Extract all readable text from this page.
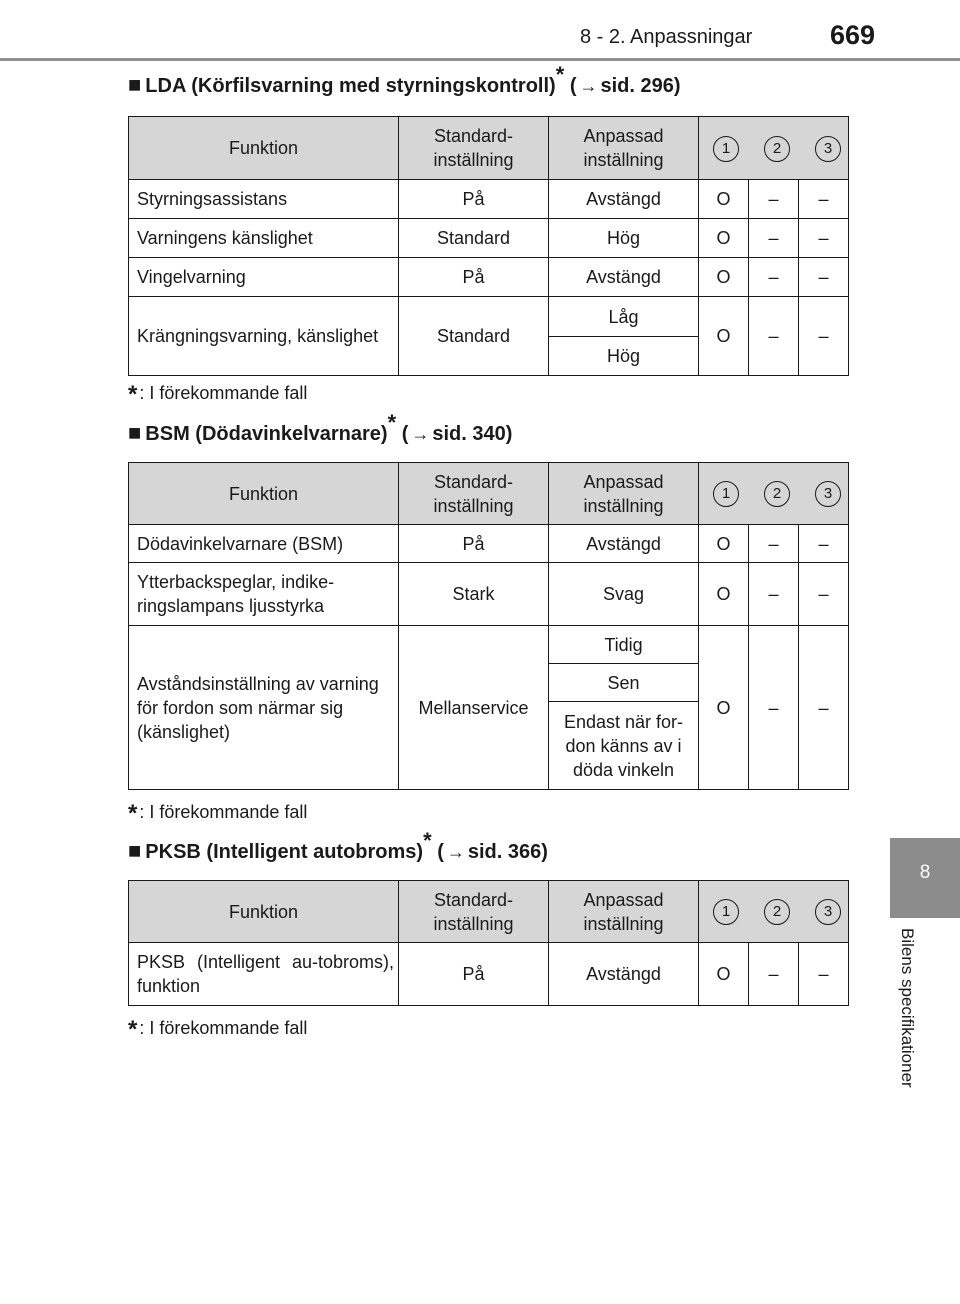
8 - 2. Anpassningar	669
8
Bilens specifikationer
■ LDA (Körfilsvarning med styrningskontroll)* ( → sid. 296)
Funktion	Standard-inställning	Anpassad inställning	1 2 3		
Styrningsassistans	På	Avstängd	O	–	–
Varningens känslighet	Standard	Hög	O	–	–
Vingelvarning	På	Avstängd	O	–	–
Krängningsvarning, känslighet	Standard	Låg	O	–	–
		Hög			
* : I förekommande fall
■ BSM (Dödavinkelvarnare)* ( → sid. 340)
Funktion	Standard-inställning	Anpassad inställning	1 2 3		
Dödavinkelvarnare (BSM)	På	Avstängd	O	–	–
Ytterbackspeglar, indike-ringslampans ljusstyrka	Stark	Svag	O	–	–
Avståndsinställning av varning för fordon som närmar sig (känslighet)	Mellanservice	Tidig	O	–	–
		Sen			
		Endast när for-don känns av i döda vinkeln			
* : I förekommande fall
■ PKSB (Intelligent autobroms)* ( → sid. 366)
Funktion	Standard-inställning	Anpassad inställning	1 2 3		
PKSB (Intelligent au-tobroms), funktion	På	Avstängd	O	–	–
* : I förekommande fall
